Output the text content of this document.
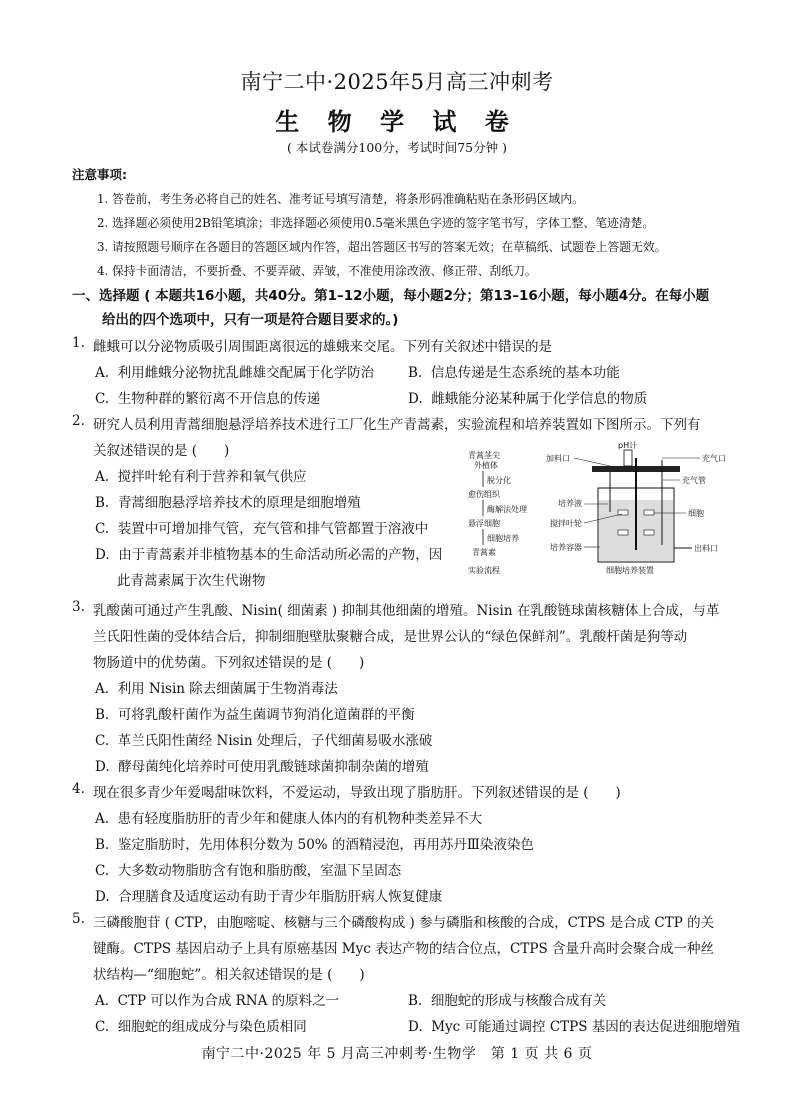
南宁二中·2025年5月高三冲刺考
生 物 学 试 卷
( 本试卷满分100分，考试时间75分钟 )
注意事项:
1. 答卷前，考生务必将自己的姓名、准考证号填写清楚，将条形码准确粘贴在条形码区域内。
2. 选择题必须使用2B铅笔填涂；非选择题必须使用0.5毫米黑色字迹的签字笔书写，字体工整、笔迹清楚。
3. 请按照题号顺序在各题目的答题区域内作答，超出答题区书写的答案无效；在草稿纸、试题卷上答题无效。
4. 保持卡面清洁，不要折叠、不要弄破、弄皱，不准使用涂改液、修正带、刮纸刀。
一、选择题 ( 本题共16小题，共40分。第1–12小题，每小题2分；第13–16小题，每小题4分。在每小题
给出的四个选项中，只有一项是符合题目要求的。)
1. 雌蛾可以分泌物质吸引周围距离很远的雄蛾来交尾。下列有关叙述中错误的是
A. 利用雌蛾分泌物扰乱雌雄交配属于化学防治	B. 信息传递是生态系统的基本功能
C. 生物种群的繁衍离不开信息的传递	D. 雌蛾能分泌某种属于化学信息的物质
2. 研究人员利用青蒿细胞悬浮培养技术进行工厂化生产青蒿素，实验流程和培养装置如下图所示。下列有
关叙述错误的是 (　　)
A. 搅拌叶轮有利于营养和氧气供应
B. 青蒿细胞悬浮培养技术的原理是细胞增殖
C. 装置中可增加排气管，充气管和排气管都置于溶液中
D. 由于青蒿素并非植物基本的生命活动所必需的产物，因
此青蒿素属于次生代谢物
青蒿茎尖
外植体
脱分化
愈伤组织
酶解法处理
悬浮细胞
细胞培养
青蒿素
实验流程
加料口
pH计
充气口
充气管
培养液
搅拌叶轮
细胞
出料口
培养容器
细胞培养装置
3. 乳酸菌可通过产生乳酸、Nisin( 细菌素 ) 抑制其他细菌的增殖。Nisin 在乳酸链球菌核糖体上合成，与革
兰氏阳性菌的受体结合后，抑制细胞壁肽聚糖合成，是世界公认的“绿色保鲜剂”。乳酸杆菌是狗等动
物肠道中的优势菌。下列叙述错误的是 (　　)
A. 利用 Nisin 除去细菌属于生物消毒法
B. 可将乳酸杆菌作为益生菌调节狗消化道菌群的平衡
C. 革兰氏阳性菌经 Nisin 处理后，子代细菌易吸水涨破
D. 酵母菌纯化培养时可使用乳酸链球菌抑制杂菌的增殖
4. 现在很多青少年爱喝甜味饮料，不爱运动，导致出现了脂肪肝。下列叙述错误的是 (　　)
A. 患有轻度脂肪肝的青少年和健康人体内的有机物种类差异不大
B. 鉴定脂肪时，先用体积分数为 50% 的酒精浸泡，再用苏丹Ⅲ染液染色
C. 大多数动物脂肪含有饱和脂肪酸，室温下呈固态
D. 合理膳食及适度运动有助于青少年脂肪肝病人恢复健康
5. 三磷酸胞苷 ( CTP，由胞嘧啶、核糖与三个磷酸构成 ) 参与磷脂和核酸的合成，CTPS 是合成 CTP 的关
键酶。CTPS 基因启动子上具有原癌基因 Myc 表达产物的结合位点，CTPS 含量升高时会聚合成一种丝
状结构—“细胞蛇”。相关叙述错误的是 (　　)
A. CTP 可以作为合成 RNA 的原料之一	B. 细胞蛇的形成与核酸合成有关
C. 细胞蛇的组成成分与染色质相同	D. Myc 可能通过调控 CTPS 基因的表达促进细胞增殖
南宁二中·2025 年 5 月高三冲刺考·生物学　第 1 页 共 6 页
